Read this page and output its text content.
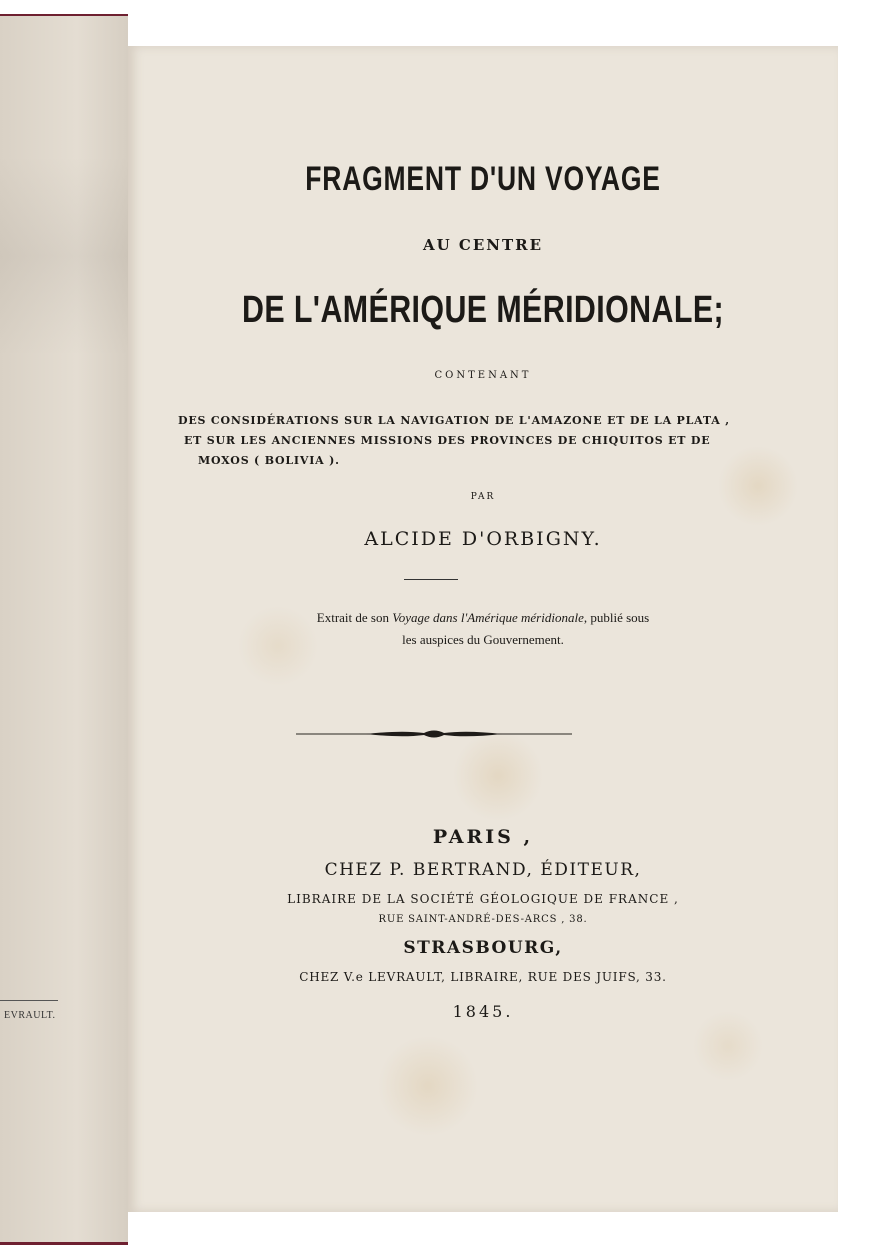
EVRAULT.
FRAGMENT D'UN VOYAGE
AU CENTRE
DE L'AMÉRIQUE MÉRIDIONALE;
CONTENANT
DES CONSIDÉRATIONS SUR LA NAVIGATION DE L'AMAZONE ET DE LA PLATA ,
ET SUR LES ANCIENNES MISSIONS DES PROVINCES DE CHIQUITOS ET DE
MOXOS ( BOLIVIA ).
PAR
ALCIDE D'ORBIGNY.
Extrait de son Voyage dans l'Amérique méridionale, publié sous
les auspices du Gouvernement.
PARIS ,
CHEZ P. BERTRAND, ÉDITEUR,
LIBRAIRE DE LA SOCIÉTÉ GÉOLOGIQUE DE FRANCE ,
RUE SAINT-ANDRÉ-DES-ARCS , 38.
STRASBOURG,
CHEZ V.e LEVRAULT, LIBRAIRE, RUE DES JUIFS, 33.
1845.
